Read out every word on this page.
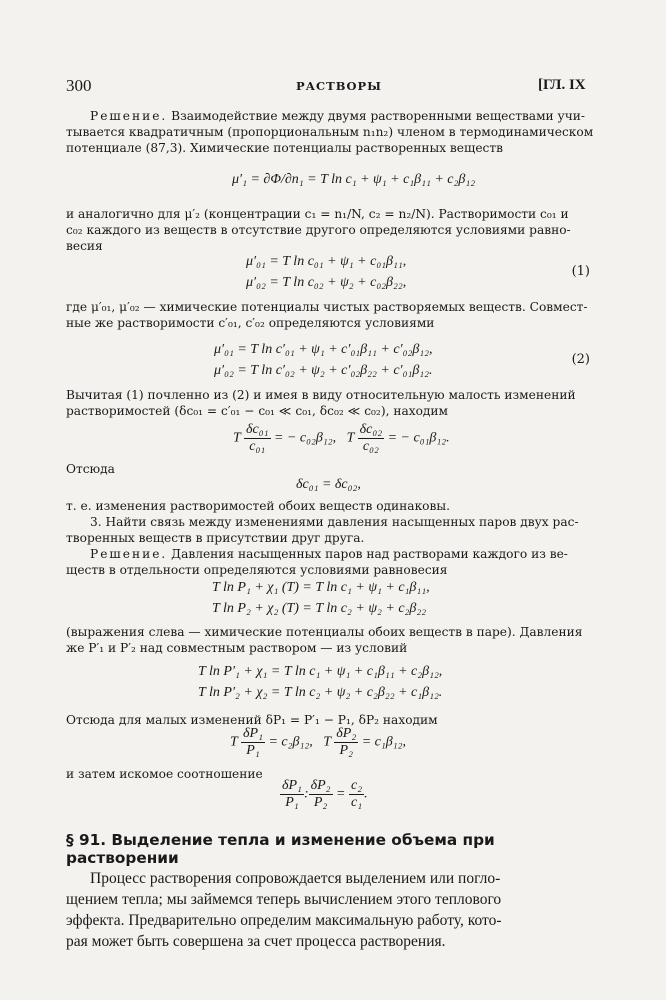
300	РАСТВОРЫ	[ГЛ. IX
Решение. Взаимодействие между двумя растворенными веществами учи-
тывается квадратичным (пропорциональным n₁n₂) членом в термодинамическом
потенциале (87,3). Химические потенциалы растворенных веществ
μ′₁ = ∂Φ/∂n₁ = T ln c₁ + ψ₁ + c₁β₁₁ + c₂β₁₂
и аналогично для μ′₂ (концентрации c₁ = n₁/N, c₂ = n₂/N). Растворимости c₀₁ и
c₀₂ каждого из веществ в отсутствие другого определяются условиями равно-
весия
μ′₀₁ = T ln c₀₁ + ψ₁ + c₀₁β₁₁,
μ′₀₂ = T ln c₀₂ + ψ₂ + c₀₂β₂₂,
(1)
где μ′₀₁, μ′₀₂ — химические потенциалы чистых растворяемых веществ. Совмест-
ные же растворимости c′₀₁, c′₀₂ определяются условиями
μ′₀₁ = T ln c′₀₁ + ψ₁ + c′₀₁β₁₁ + c′₀₂β₁₂,
μ′₀₂ = T ln c′₀₂ + ψ₂ + c′₀₂β₂₂ + c′₀₁β₁₂.
(2)
Вычитая (1) почленно из (2) и имея в виду относительную малость изменений
растворимостей (δc₀₁ = c′₀₁ − c₀₁ ≪ c₀₁, δc₀₂ ≪ c₀₂), находим
T $\frac{\text{δc₀₁}}{\text{c₀₁}}$ = − c₀₂β₁₂, T $\frac{\text{δc₀₂}}{\text{c₀₂}}$ = − c₀₁β₁₂.
Отсюда
δc₀₁ = δc₀₂,
т. е. изменения растворимостей обоих веществ одинаковы.
3. Найти связь между изменениями давления насыщенных паров двух рас-
творенных веществ в присутствии друг друга.
Решение. Давления насыщенных паров над растворами каждого из ве-
ществ в отдельности определяются условиями равновесия
T ln P₁ + χ₁ (T) = T ln c₁ + ψ₁ + c₁β₁₁,
T ln P₂ + χ₂ (T) = T ln c₂ + ψ₂ + c₂β₂₂
(выражения слева — химические потенциалы обоих веществ в паре). Давления
же P′₁ и P′₂ над совместным раствором — из условий
T ln P′₁ + χ₁ = T ln c₁ + ψ₁ + c₁β₁₁ + c₂β₁₂,
T ln P′₂ + χ₂ = T ln c₂ + ψ₂ + c₂β₂₂ + c₁β₁₂.
Отсюда для малых изменений δP₁ = P′₁ − P₁, δP₂ находим
T $\frac{\text{δP₁}}{\text{P₁}} = c_2\beta_{12}$, T $\frac{\text{δP₂}}{\text{P₂}} = c_1\beta_{12}$,
и затем искомое соотношение
$\frac{\text{δP₁}}{\text{P₁}}$ : $\frac{\text{δP₂}}{\text{P₂}} = \frac{\text{c₂}}{\text{c₁}}$ .
§ 91. Выделение тепла и изменение объема при растворении
Процесс растворения сопровождается выделением или погло-
щением тепла; мы займемся теперь вычислением этого теплового
эффекта. Предварительно определим максимальную работу, кото-
рая может быть совершена за счет процесса растворения.
